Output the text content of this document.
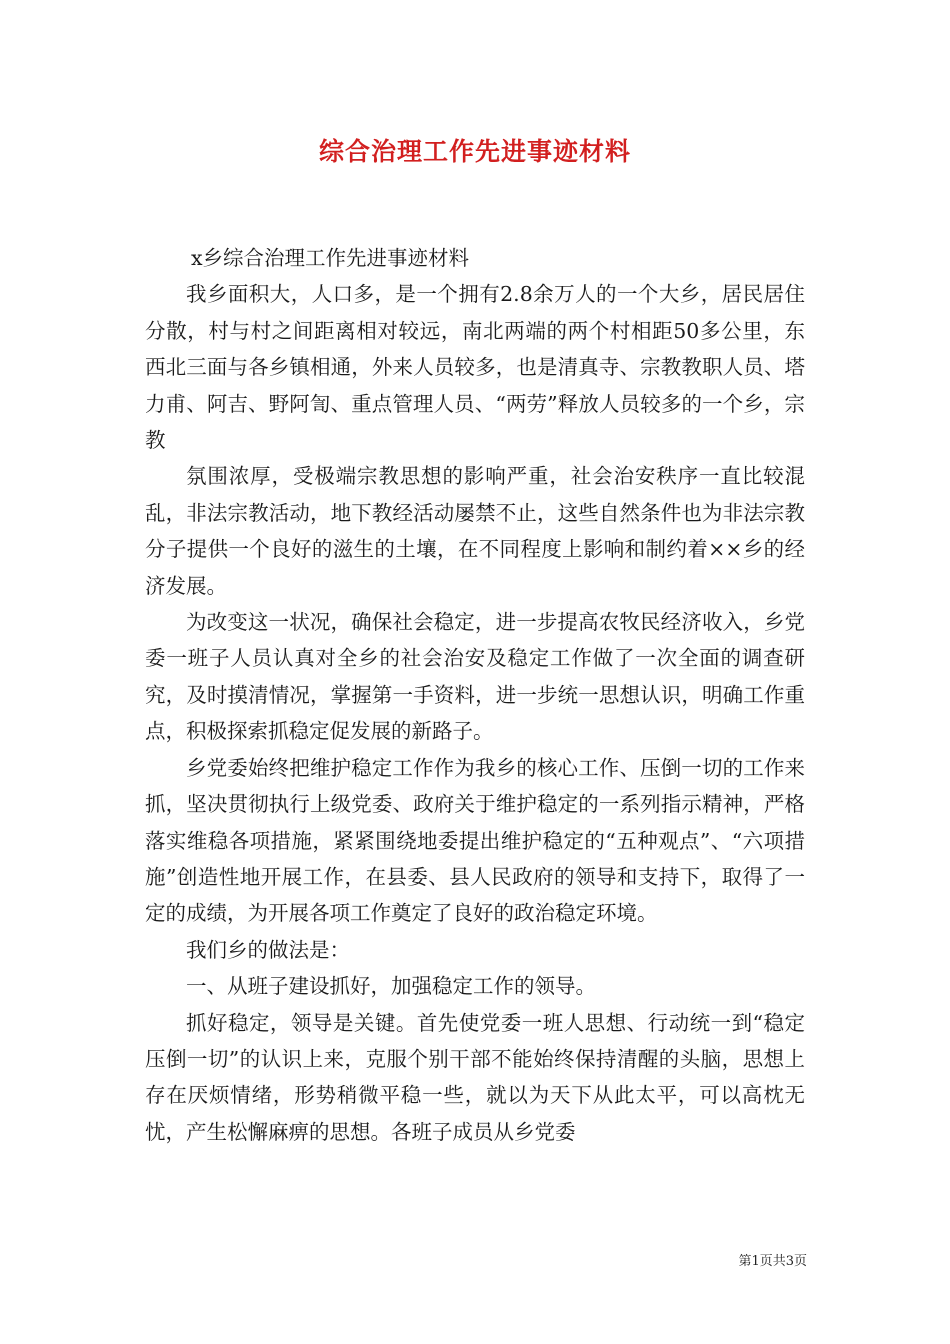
综合治理工作先进事迹材料

x乡综合治理工作先进事迹材料

我乡面积大，人口多，是一个拥有2.8余万人的一个大乡，居民居住分散，村与村之间距离相对较远，南北两端的两个村相距50多公里，东西北三面与各乡镇相通，外来人员较多，也是清真寺、宗教教职人员、塔力甫、阿吉、野阿訇、重点管理人员、“两劳”释放人员较多的一个乡，宗教

氛围浓厚，受极端宗教思想的影响严重，社会治安秩序一直比较混乱，非法宗教活动，地下教经活动屡禁不止，这些自然条件也为非法宗教分子提供一个良好的滋生的土壤，在不同程度上影响和制约着××乡的经济发展。

为改变这一状况，确保社会稳定，进一步提高农牧民经济收入，乡党委一班子人员认真对全乡的社会治安及稳定工作做了一次全面的调查研究，及时摸清情况，掌握第一手资料，进一步统一思想认识，明确工作重点，积极探索抓稳定促发展的新路子。

乡党委始终把维护稳定工作作为我乡的核心工作、压倒一切的工作来抓，坚决贯彻执行上级党委、政府关于维护稳定的一系列指示精神，严格落实维稳各项措施，紧紧围绕地委提出维护稳定的“五种观点”、“六项措施”创造性地开展工作，在县委、县人民政府的领导和支持下，取得了一定的成绩，为开展各项工作奠定了良好的政治稳定环境。

我们乡的做法是：

一、从班子建设抓好，加强稳定工作的领导。

抓好稳定，领导是关键。首先使党委一班人思想、行动统一到“稳定压倒一切”的认识上来，克服个别干部不能始终保持清醒的头脑，思想上存在厌烦情绪，形势稍微平稳一些，就以为天下从此太平，可以高枕无忧，产生松懈麻痹的思想。各班子成员从乡党委

第1页共3页
